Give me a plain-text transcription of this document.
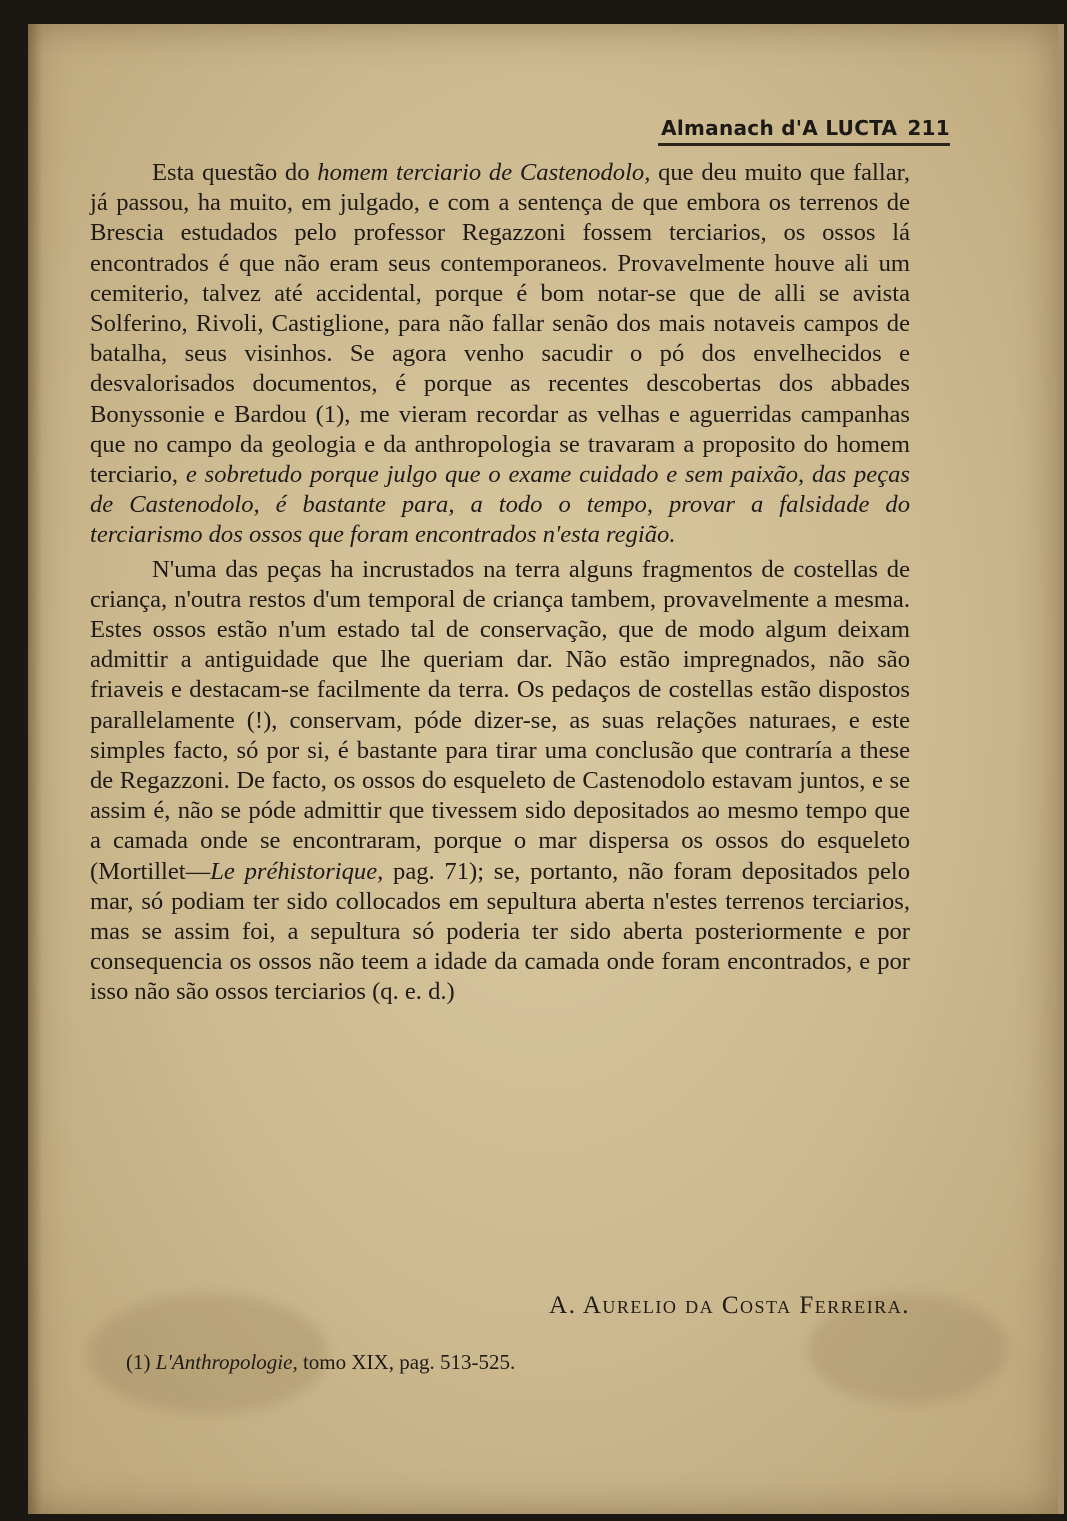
Almanach d'A LUCTA 211

Esta questão do homem terciario de Castenodolo, que deu muito que fallar, já passou, ha muito, em julgado, e com a sentença de que embora os terrenos de Brescia estudados pelo professor Regazzoni fossem terciarios, os ossos lá encontrados é que não eram seus contemporaneos. Provavelmente houve ali um cemiterio, talvez até accidental, porque é bom notar-se que de alli se avista Solferino, Rivoli, Castiglione, para não fallar senão dos mais notaveis campos de batalha, seus visinhos. Se agora venho sacudir o pó dos envelhecidos e desvalorisados documentos, é porque as recentes descobertas dos abbades Bonyssonie e Bardou (1), me vieram recordar as velhas e aguerridas campanhas que no campo da geologia e da anthropologia se travaram a proposito do homem terciario, e sobretudo porque julgo que o exame cuidado e sem paixão, das peças de Castenodolo, é bastante para, a todo o tempo, provar a falsidade do terciarismo dos ossos que foram encontrados n'esta região.

N'uma das peças ha incrustados na terra alguns fragmentos de costellas de criança, n'outra restos d'um temporal de criança tambem, provavelmente a mesma. Estes ossos estão n'um estado tal de conservação, que de modo algum deixam admittir a antiguidade que lhe queriam dar. Não estão impregnados, não são friaveis e destacam-se facilmente da terra. Os pedaços de costellas estão dispostos parallelamente (!), conservam, póde dizer-se, as suas relações naturaes, e este simples facto, só por si, é bastante para tirar uma conclusão que contraría a these de Regazzoni. De facto, os ossos do esqueleto de Castenodolo estavam juntos, e se assim é, não se póde admittir que tivessem sido depositados ao mesmo tempo que a camada onde se encontraram, porque o mar dispersa os ossos do esqueleto (Mortillet—Le préhistorique, pag. 71); se, portanto, não foram depositados pelo mar, só podiam ter sido collocados em sepultura aberta n'estes terrenos terciarios, mas se assim foi, a sepultura só poderia ter sido aberta posteriormente e por consequencia os ossos não teem a idade da camada onde foram encontrados, e por isso não são ossos terciarios (q. e. d.)

A. Aurelio da Costa Ferreira.
(1) L'Anthropologie, tomo XIX, pag. 513-525.
